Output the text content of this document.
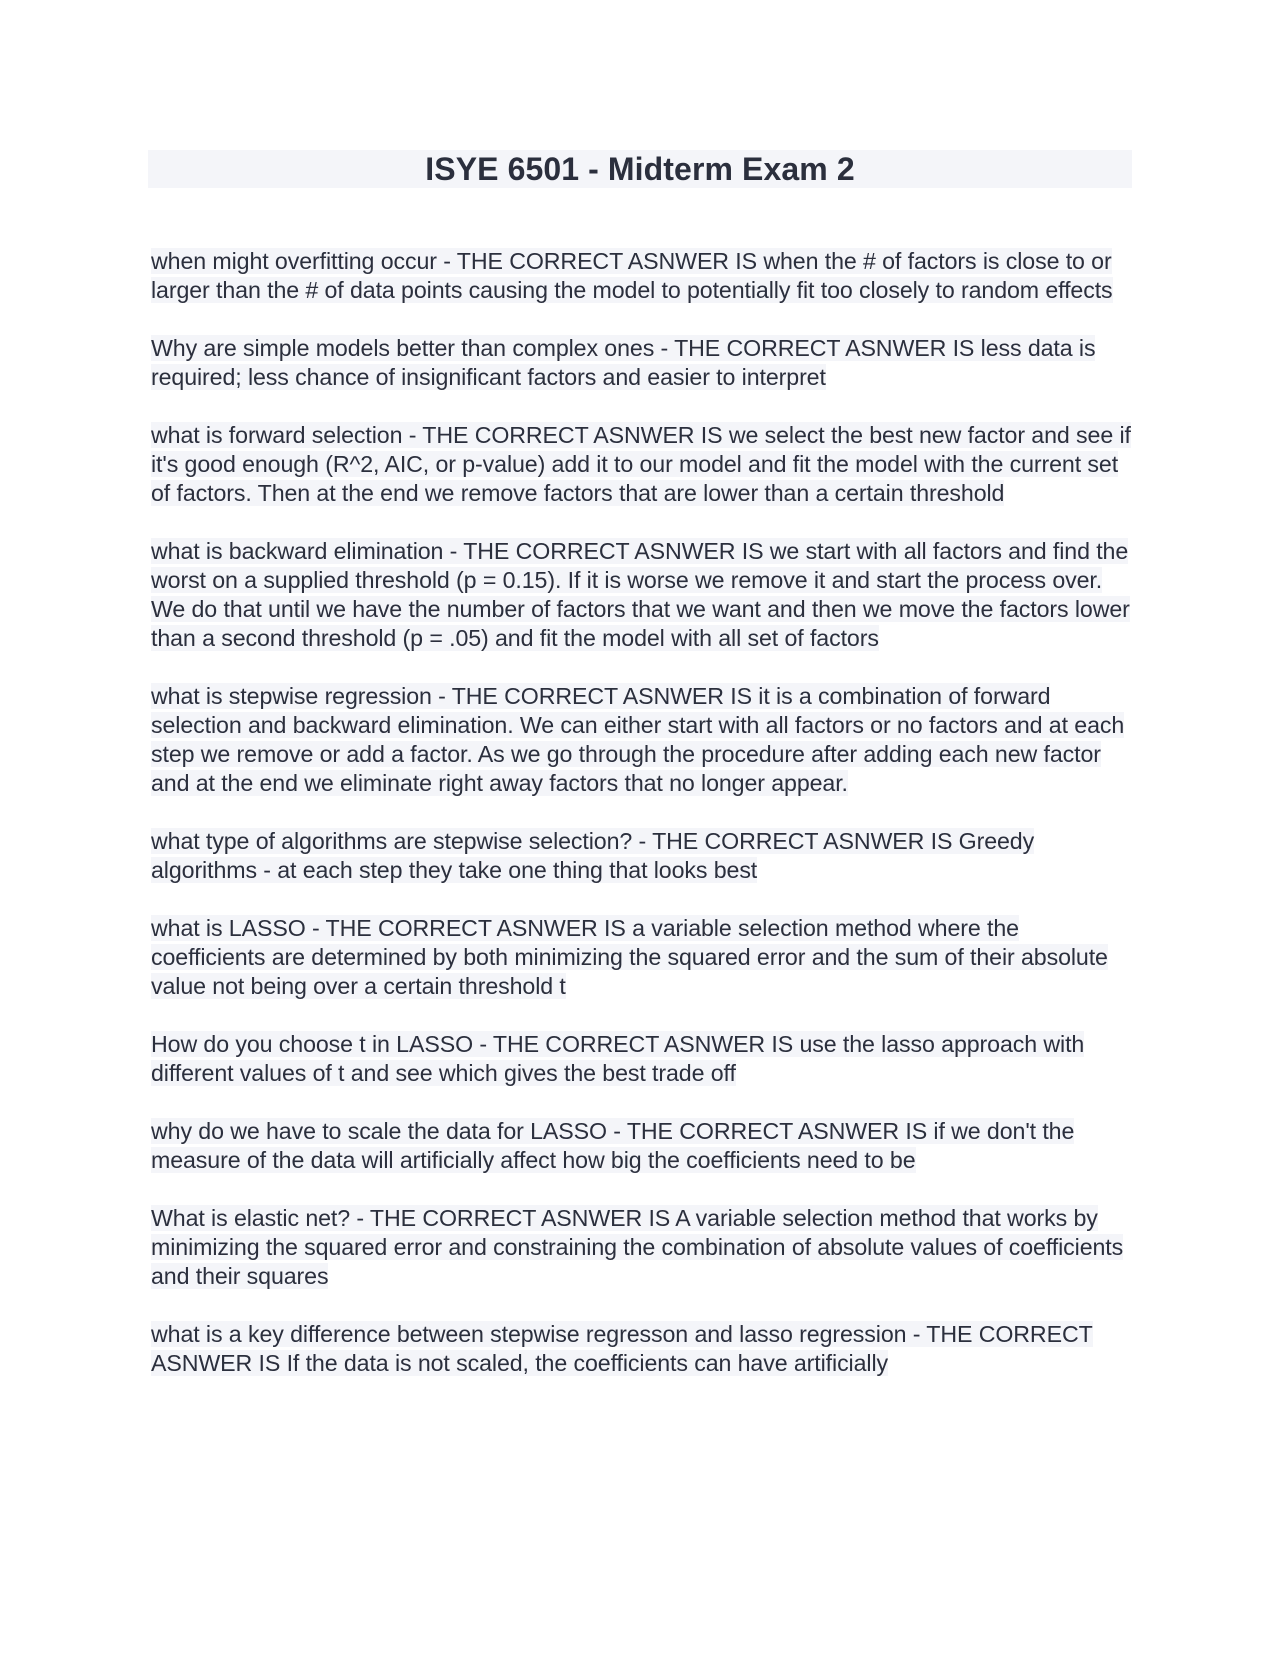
ISYE 6501 - Midterm Exam 2

when might overfitting occur - THE CORRECT ASNWER IS when the # of factors is close to or larger than the # of data points causing the model to potentially fit too closely to random effects

Why are simple models better than complex ones - THE CORRECT ASNWER IS less data is required; less chance of insignificant factors and easier to interpret

what is forward selection - THE CORRECT ASNWER IS we select the best new factor and see if it's good enough (R^2, AIC, or p-value) add it to our model and fit the model with the current set of factors. Then at the end we remove factors that are lower than a certain threshold

what is backward elimination - THE CORRECT ASNWER IS we start with all factors and find the worst on a supplied threshold (p = 0.15). If it is worse we remove it and start the process over. We do that until we have the number of factors that we want and then we move the factors lower than a second threshold (p = .05) and fit the model with all set of factors

what is stepwise regression - THE CORRECT ASNWER IS it is a combination of forward selection and backward elimination. We can either start with all factors or no factors and at each step we remove or add a factor. As we go through the procedure after adding each new factor and at the end we eliminate right away factors that no longer appear.

what type of algorithms are stepwise selection? - THE CORRECT ASNWER IS Greedy algorithms - at each step they take one thing that looks best

what is LASSO - THE CORRECT ASNWER IS a variable selection method where the coefficients are determined by both minimizing the squared error and the sum of their absolute value not being over a certain threshold t

How do you choose t in LASSO - THE CORRECT ASNWER IS use the lasso approach with different values of t and see which gives the best trade off

why do we have to scale the data for LASSO - THE CORRECT ASNWER IS if we don't the measure of the data will artificially affect how big the coefficients need to be

What is elastic net? - THE CORRECT ASNWER IS A variable selection method that works by minimizing the squared error and constraining the combination of absolute values of coefficients and their squares

what is a key difference between stepwise regresson and lasso regression - THE CORRECT ASNWER IS If the data is not scaled, the coefficients can have artificially
